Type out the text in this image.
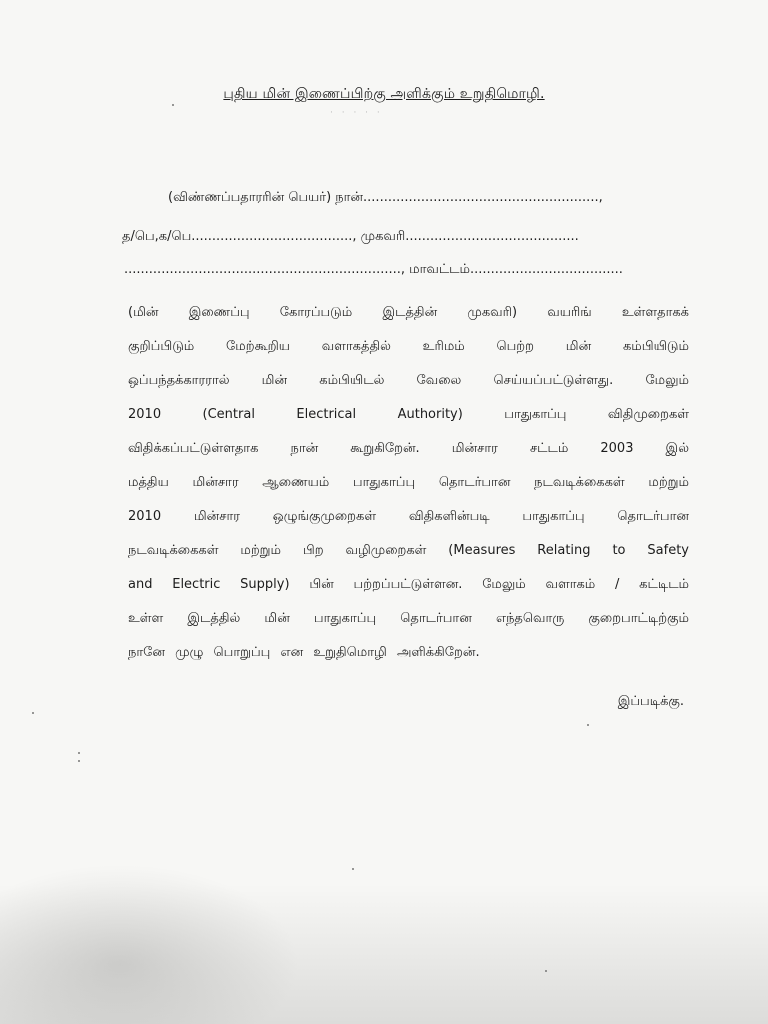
புதிய மின் இணைப்பிற்கு அளிக்கும் உறுதிமொழி.
· · · · ·
(விண்ணப்பதாரரின் பெயர்) நான்.........................................................,
த/பெ,க/பெ......................................., முகவரி..........................................
..................................................................., மாவட்டம்.....................................
(மின் இணைப்பு கோரப்படும் இடத்தின் முகவரி) வயரிங் உள்ளதாகக்
குறிப்பிடும் மேற்கூறிய வளாகத்தில் உரிமம் பெற்ற மின் கம்பியிடும்
ஒப்பந்தக்காரரால் மின் கம்பியிடல் வேலை செய்யப்பட்டுள்ளது. மேலும்
2010 (Central Electrical Authority) பாதுகாப்பு விதிமுறைகள்
விதிக்கப்பட்டுள்ளதாக நான் கூறுகிறேன். மின்சார சட்டம் 2003 இல்
மத்திய மின்சார ஆணையம் பாதுகாப்பு தொடர்பான நடவடிக்கைகள் மற்றும்
2010 மின்சார ஒழுங்குமுறைகள் விதிகளின்படி பாதுகாப்பு தொடர்பான
நடவடிக்கைகள் மற்றும் பிற வழிமுறைகள் (Measures Relating to Safety
and Electric Supply) பின் பற்றப்பட்டுள்ளன. மேலும் வளாகம் / கட்டிடம்
உள்ள இடத்தில் மின் பாதுகாப்பு தொடர்பான எந்தவொரு குறைபாட்டிற்கும்
நானே முழு பொறுப்பு என உறுதிமொழி அளிக்கிறேன்.
இப்படிக்கு.
